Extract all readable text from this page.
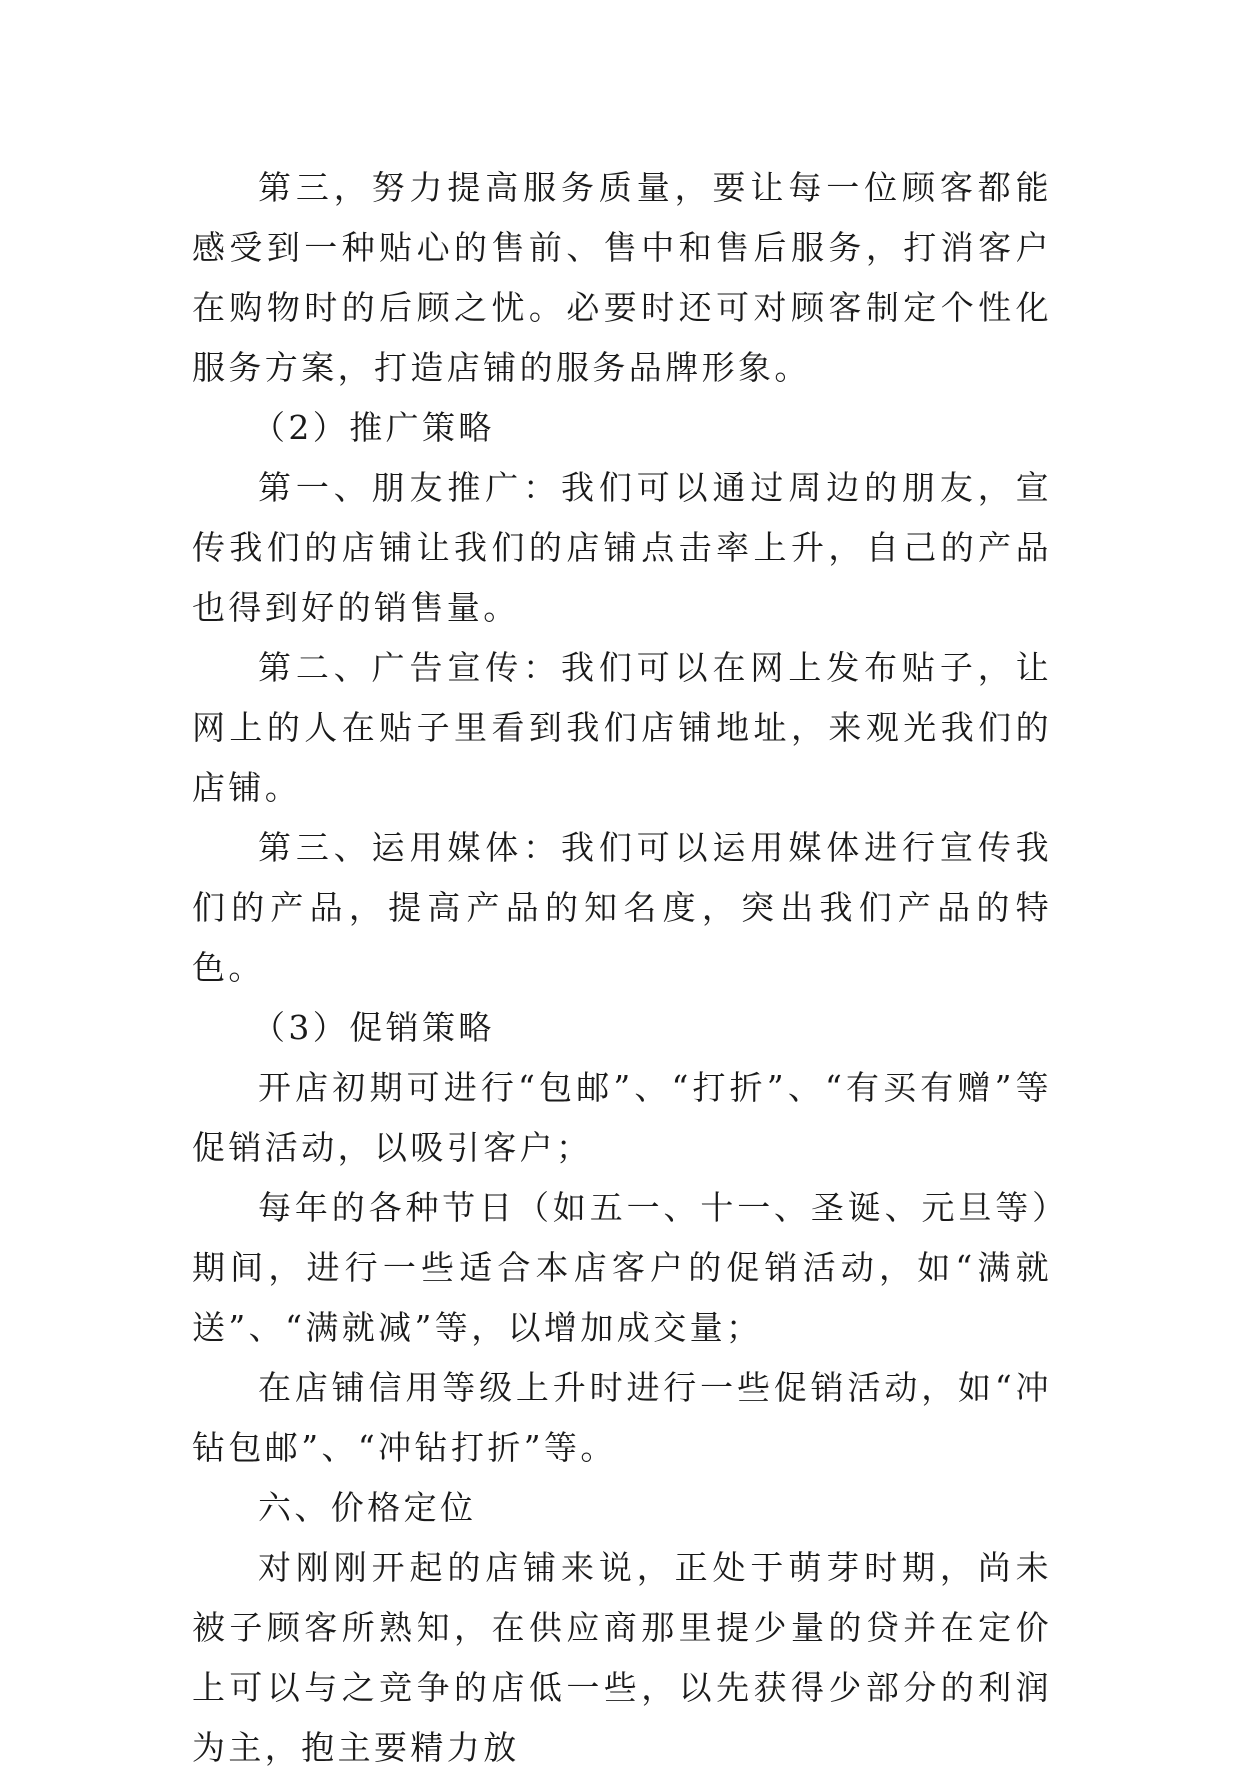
第三，努力提高服务质量，要让每一位顾客都能感受到一种贴心的售前、售中和售后服务，打消客户在购物时的后顾之忧。必要时还可对顾客制定个性化服务方案，打造店铺的服务品牌形象。

（2）推广策略

第一、朋友推广：我们可以通过周边的朋友，宣传我们的店铺让我们的店铺点击率上升，自己的产品也得到好的销售量。

第二、广告宣传：我们可以在网上发布贴子，让网上的人在贴子里看到我们店铺地址，来观光我们的店铺。

第三、运用媒体：我们可以运用媒体进行宣传我们的产品，提高产品的知名度，突出我们产品的特色。

（3）促销策略

开店初期可进行“包邮”、“打折”、“有买有赠”等促销活动，以吸引客户；

每年的各种节日（如五一、十一、圣诞、元旦等）期间，进行一些适合本店客户的促销活动，如“满就送”、“满就减”等，以增加成交量；

在店铺信用等级上升时进行一些促销活动，如“冲钻包邮”、“冲钻打折”等。

六、价格定位

对刚刚开起的店铺来说，正处于萌芽时期，尚未被子顾客所熟知，在供应商那里提少量的贷并在定价上可以与之竞争的店低一些，以先获得少部分的利润为主，抱主要精力放
